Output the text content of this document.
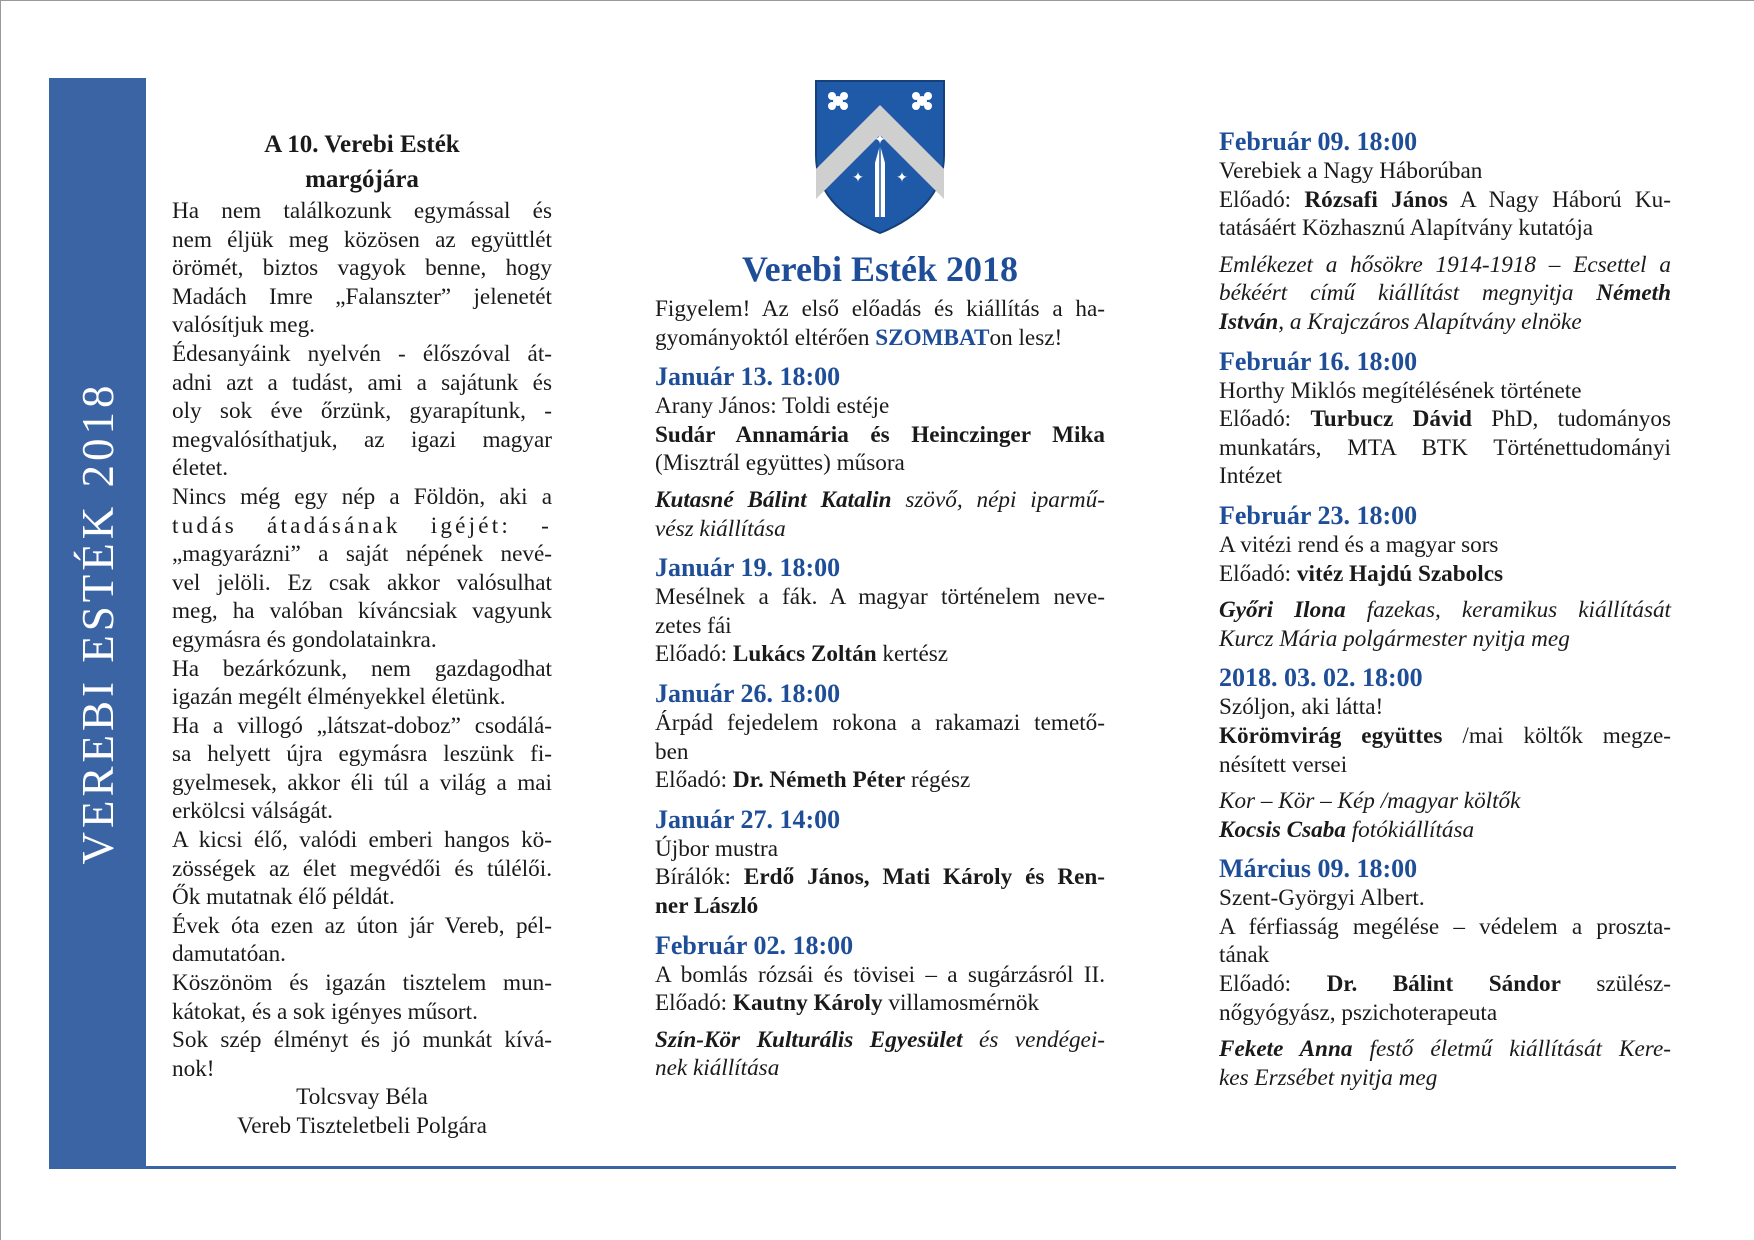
VEREBI ESTÉK 2018
A 10. Verebi Esték
margójára
Ha nem találkozunk egymással és
nem éljük meg közösen az együttlét
örömét, biztos vagyok benne, hogy
Madách Imre „Falanszter” jelenetét
valósítjuk meg.
Édesanyáink nyelvén - élőszóval át-
adni azt a tudást, ami a sajátunk és
oly sok éve őrzünk, gyarapítunk, -
megvalósíthatjuk, az igazi magyar
életet.
Nincs még egy nép a Földön, aki a
tudás átadásának igéjét: -
„magyarázni” a saját népének nevé-
vel jelöli. Ez csak akkor valósulhat
meg, ha valóban kíváncsiak vagyunk
egymásra és gondolatainkra.
Ha bezárkózunk, nem gazdagodhat
igazán megélt élményekkel életünk.
Ha a villogó „látszat-doboz” csodálá-
sa helyett újra egymásra leszünk fi-
gyelmesek, akkor éli túl a világ a mai
erkölcsi válságát.
A kicsi élő, valódi emberi hangos kö-
zösségek az élet megvédői és túlélői.
Ők mutatnak élő példát.
Évek óta ezen az úton jár Vereb, pél-
damutatóan.
Köszönöm és igazán tisztelem mun-
kátokat, és a sok igényes műsort.
Sok szép élményt és jó munkát kívá-
nok!
Tolcsvay Béla
Vereb Tiszteletbeli Polgára
✦
✦ ✦
Verebi Esték 2018
Figyelem! Az első előadás és kiállítás a ha-
gyományoktól eltérően SZOMBATon lesz!
Január 13. 18:00
Arany János: Toldi estéje
Sudár Annamária és Heinczinger Mika
(Misztrál együttes) műsora
Kutasné Bálint Katalin szövő, népi iparmű-
vész kiállítása
Január 19. 18:00
Mesélnek a fák. A magyar történelem neve-
zetes fái
Előadó: Lukács Zoltán kertész
Január 26. 18:00
Árpád fejedelem rokona a rakamazi temető-
ben
Előadó: Dr. Németh Péter régész
Január 27. 14:00
Újbor mustra
Bírálók: Erdő János, Mati Károly és Ren-
ner László
Február 02. 18:00
A bomlás rózsái és tövisei – a sugárzásról II.
Előadó: Kautny Károly villamosmérnök
Szín-Kör Kulturális Egyesület és vendégei-
nek kiállítása
Február 09. 18:00
Verebiek a Nagy Háborúban
Előadó: Rózsafi János A Nagy Háború Ku-
tatásáért Közhasznú Alapítvány kutatója
Emlékezet a hősökre 1914-1918 – Ecsettel a
békéért című kiállítást megnyitja Németh
István, a Krajczáros Alapítvány elnöke
Február 16. 18:00
Horthy Miklós megítélésének története
Előadó: Turbucz Dávid PhD, tudományos
munkatárs, MTA BTK Történettudományi
Intézet
Február 23. 18:00
A vitézi rend és a magyar sors
Előadó: vitéz Hajdú Szabolcs
Győri Ilona fazekas, keramikus kiállítását
Kurcz Mária polgármester nyitja meg
2018. 03. 02. 18:00
Szóljon, aki látta!
Körömvirág együttes /mai költők megze-
nésített versei
Kor – Kör – Kép /magyar költők
Kocsis Csaba fotókiállítása
Március 09. 18:00
Szent-Györgyi Albert.
A férfiasság megélése – védelem a proszta-
tának
Előadó: Dr. Bálint Sándor szülész-
nőgyógyász, pszichoterapeuta
Fekete Anna festő életmű kiállítását Kere-
kes Erzsébet nyitja meg
